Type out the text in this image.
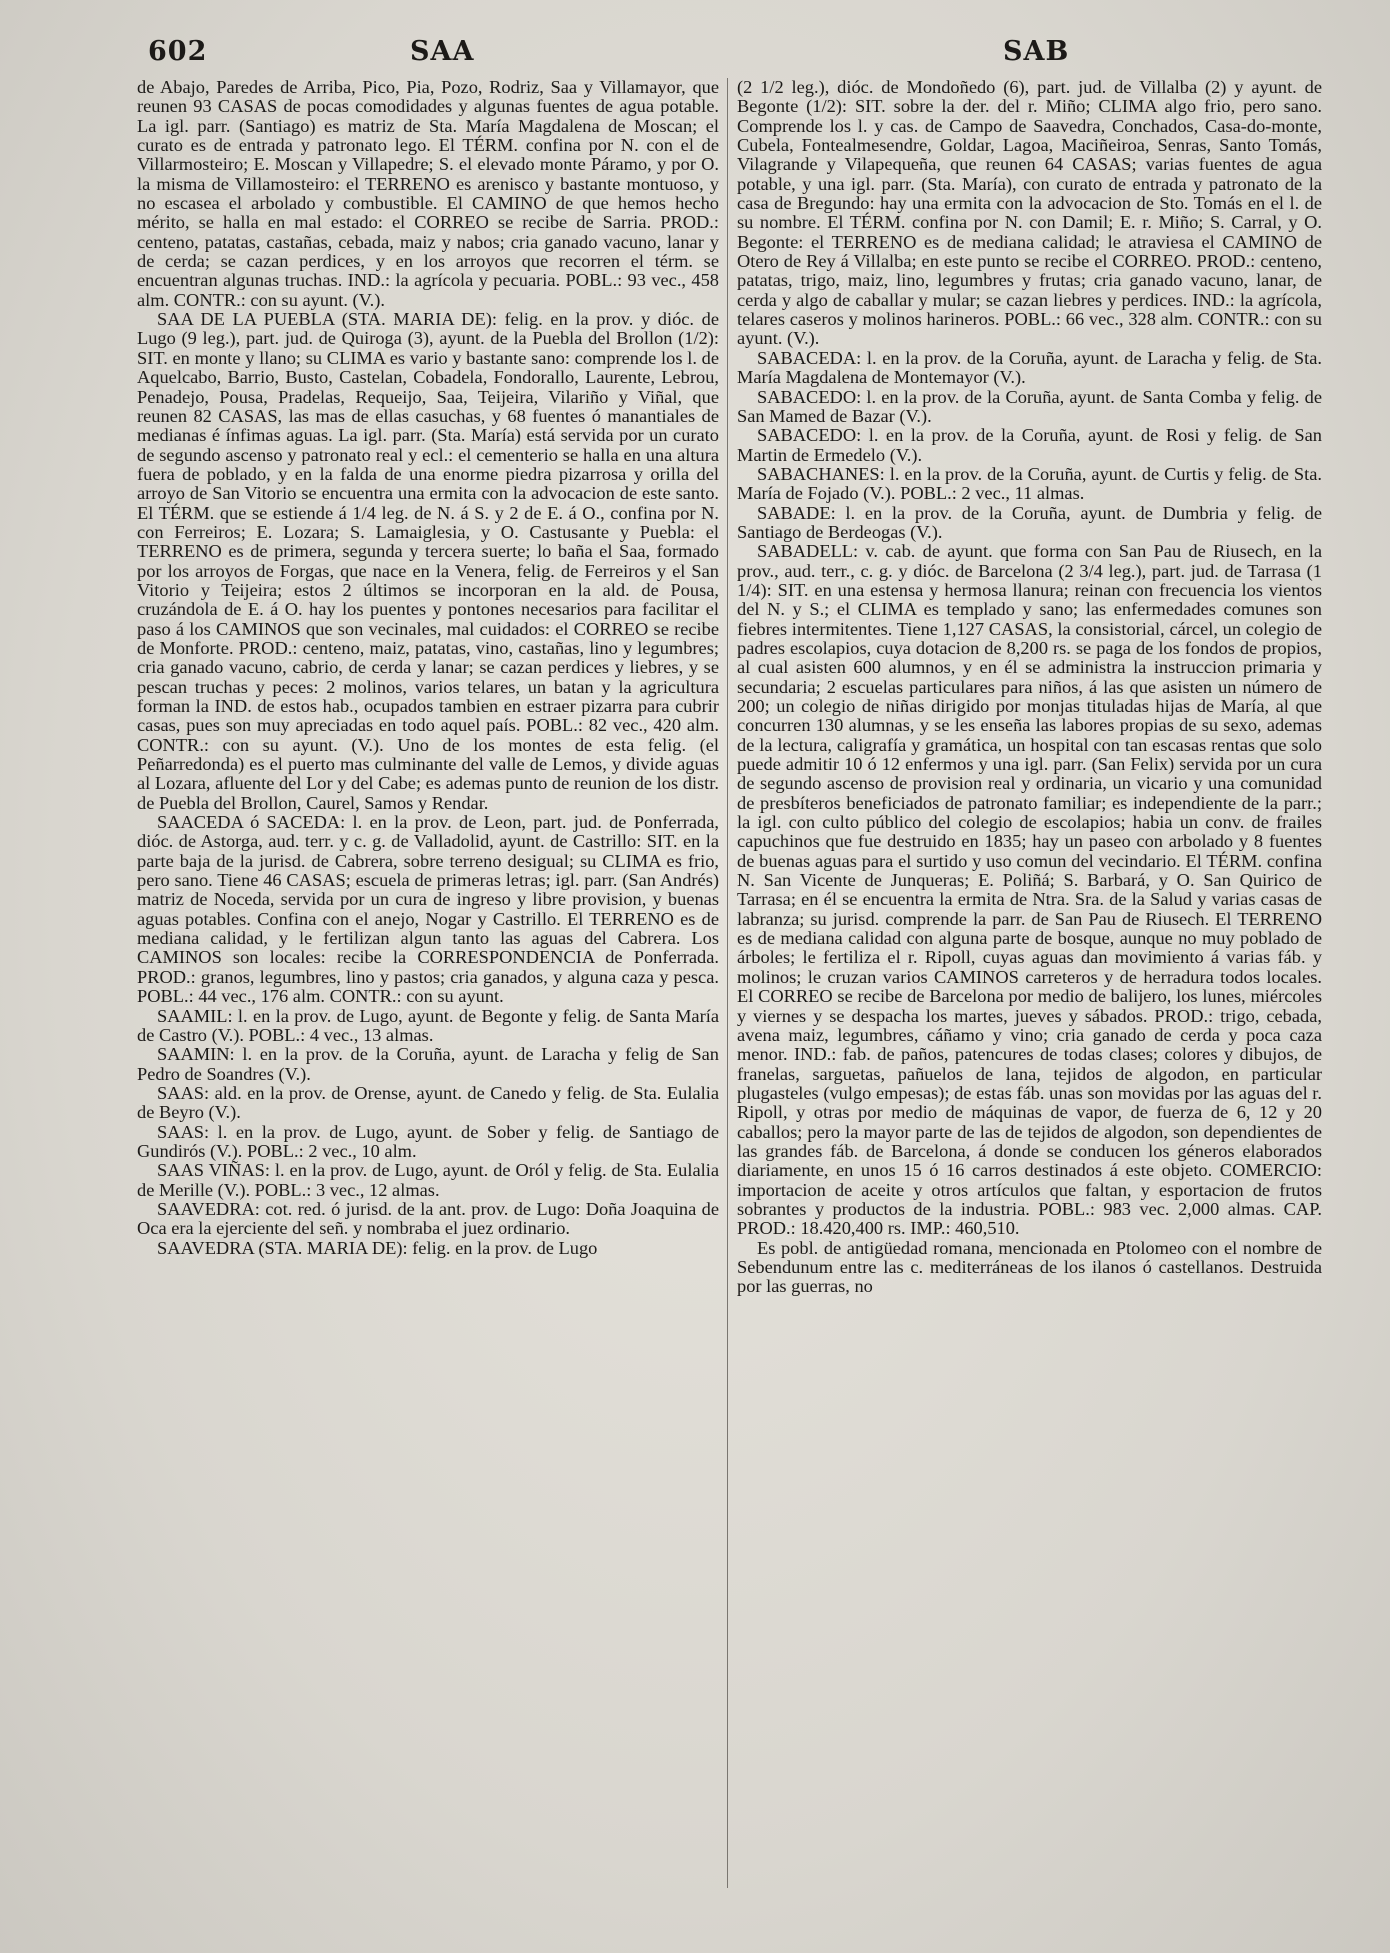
602	SAA	SAB

de Abajo, Paredes de Arriba, Pico, Pia, Pozo, Rodriz, Saa y Villamayor, que reunen 93 CASAS de pocas comodidades y algunas fuentes de agua potable. La igl. parr. (Santiago) es matriz de Sta. María Magdalena de Moscan; el curato es de entrada y patronato lego. El TÉRM. confina por N. con el de Villarmosteiro; E. Moscan y Villapedre; S. el elevado monte Páramo, y por O. la misma de Villamosteiro: el TERRENO es arenisco y bastante montuoso, y no escasea el arbolado y combustible. El CAMINO de que hemos hecho mérito, se halla en mal estado: el CORREO se recibe de Sarria. PROD.: centeno, patatas, castañas, cebada, maiz y nabos; cria ganado vacuno, lanar y de cerda; se cazan perdices, y en los arroyos que recorren el térm. se encuentran algunas truchas. IND.: la agrícola y pecuaria. POBL.: 93 vec., 458 alm. CONTR.: con su ayunt. (V.).

SAA DE LA PUEBLA (STA. MARIA DE): felig. en la prov. y dióc. de Lugo (9 leg.), part. jud. de Quiroga (3), ayunt. de la Puebla del Brollon (1/2): SIT. en monte y llano; su CLIMA es vario y bastante sano: comprende los l. de Aquelcabo, Barrio, Busto, Castelan, Cobadela, Fondorallo, Laurente, Lebrou, Penadejo, Pousa, Pradelas, Requeijo, Saa, Teijeira, Vilariño y Viñal, que reunen 82 CASAS, las mas de ellas casuchas, y 68 fuentes ó manantiales de medianas é ínfimas aguas. La igl. parr. (Sta. María) está servida por un curato de segundo ascenso y patronato real y ecl.: el cementerio se halla en una altura fuera de poblado, y en la falda de una enorme piedra pizarrosa y orilla del arroyo de San Vitorio se encuentra una ermita con la advocacion de este santo. El TÉRM. que se estiende á 1/4 leg. de N. á S. y 2 de E. á O., confina por N. con Ferreiros; E. Lozara; S. Lamaiglesia, y O. Castusante y Puebla: el TERRENO es de primera, segunda y tercera suerte; lo baña el Saa, formado por los arroyos de Forgas, que nace en la Venera, felig. de Ferreiros y el San Vitorio y Teijeira; estos 2 últimos se incorporan en la ald. de Pousa, cruzándola de E. á O. hay los puentes y pontones necesarios para facilitar el paso á los CAMINOS que son vecinales, mal cuidados: el CORREO se recibe de Monforte. PROD.: centeno, maiz, patatas, vino, castañas, lino y legumbres; cria ganado vacuno, cabrio, de cerda y lanar; se cazan perdices y liebres, y se pescan truchas y peces: 2 molinos, varios telares, un batan y la agricultura forman la IND. de estos hab., ocupados tambien en estraer pizarra para cubrir casas, pues son muy apreciadas en todo aquel país. POBL.: 82 vec., 420 alm. CONTR.: con su ayunt. (V.). Uno de los montes de esta felig. (el Peñarredonda) es el puerto mas culminante del valle de Lemos, y divide aguas al Lozara, afluente del Lor y del Cabe; es ademas punto de reunion de los distr. de Puebla del Brollon, Caurel, Samos y Rendar.

SAACEDA ó SACEDA: l. en la prov. de Leon, part. jud. de Ponferrada, dióc. de Astorga, aud. terr. y c. g. de Valladolid, ayunt. de Castrillo: SIT. en la parte baja de la jurisd. de Cabrera, sobre terreno desigual; su CLIMA es frio, pero sano. Tiene 46 CASAS; escuela de primeras letras; igl. parr. (San Andrés) matriz de Noceda, servida por un cura de ingreso y libre provision, y buenas aguas potables. Confina con el anejo, Nogar y Castrillo. El TERRENO es de mediana calidad, y le fertilizan algun tanto las aguas del Cabrera. Los CAMINOS son locales: recibe la CORRESPONDENCIA de Ponferrada. PROD.: granos, legumbres, lino y pastos; cria ganados, y alguna caza y pesca. POBL.: 44 vec., 176 alm. CONTR.: con su ayunt.

SAAMIL: l. en la prov. de Lugo, ayunt. de Begonte y felig. de Santa María de Castro (V.). POBL.: 4 vec., 13 almas.

SAAMIN: l. en la prov. de la Coruña, ayunt. de Laracha y felig de San Pedro de Soandres (V.).

SAAS: ald. en la prov. de Orense, ayunt. de Canedo y felig. de Sta. Eulalia de Beyro (V.).

SAAS: l. en la prov. de Lugo, ayunt. de Sober y felig. de Santiago de Gundirós (V.). POBL.: 2 vec., 10 alm.

SAAS VIÑAS: l. en la prov. de Lugo, ayunt. de Oról y felig. de Sta. Eulalia de Merille (V.). POBL.: 3 vec., 12 almas.

SAAVEDRA: cot. red. ó jurisd. de la ant. prov. de Lugo: Doña Joaquina de Oca era la ejerciente del señ. y nombraba el juez ordinario.

SAAVEDRA (STA. MARIA DE): felig. en la prov. de Lugo

(2 1/2 leg.), dióc. de Mondoñedo (6), part. jud. de Villalba (2) y ayunt. de Begonte (1/2): SIT. sobre la der. del r. Miño; CLIMA algo frio, pero sano. Comprende los l. y cas. de Campo de Saavedra, Conchados, Casa-do-monte, Cubela, Fontealmesendre, Goldar, Lagoa, Maciñeiroa, Senras, Santo Tomás, Vilagrande y Vilapequeña, que reunen 64 CASAS; varias fuentes de agua potable, y una igl. parr. (Sta. María), con curato de entrada y patronato de la casa de Bregundo: hay una ermita con la advocacion de Sto. Tomás en el l. de su nombre. El TÉRM. confina por N. con Damil; E. r. Miño; S. Carral, y O. Begonte: el TERRENO es de mediana calidad; le atraviesa el CAMINO de Otero de Rey á Villalba; en este punto se recibe el CORREO. PROD.: centeno, patatas, trigo, maiz, lino, legumbres y frutas; cria ganado vacuno, lanar, de cerda y algo de caballar y mular; se cazan liebres y perdices. IND.: la agrícola, telares caseros y molinos harineros. POBL.: 66 vec., 328 alm. CONTR.: con su ayunt. (V.).

SABACEDA: l. en la prov. de la Coruña, ayunt. de Laracha y felig. de Sta. María Magdalena de Montemayor (V.).

SABACEDO: l. en la prov. de la Coruña, ayunt. de Santa Comba y felig. de San Mamed de Bazar (V.).

SABACEDO: l. en la prov. de la Coruña, ayunt. de Rosi y felig. de San Martin de Ermedelo (V.).

SABACHANES: l. en la prov. de la Coruña, ayunt. de Curtis y felig. de Sta. María de Fojado (V.). POBL.: 2 vec., 11 almas.

SABADE: l. en la prov. de la Coruña, ayunt. de Dumbria y felig. de Santiago de Berdeogas (V.).

SABADELL: v. cab. de ayunt. que forma con San Pau de Riusech, en la prov., aud. terr., c. g. y dióc. de Barcelona (2 3/4 leg.), part. jud. de Tarrasa (1 1/4): SIT. en una estensa y hermosa llanura; reinan con frecuencia los vientos del N. y S.; el CLIMA es templado y sano; las enfermedades comunes son fiebres intermitentes. Tiene 1,127 CASAS, la consistorial, cárcel, un colegio de padres escolapios, cuya dotacion de 8,200 rs. se paga de los fondos de propios, al cual asisten 600 alumnos, y en él se administra la instruccion primaria y secundaria; 2 escuelas particulares para niños, á las que asisten un número de 200; un colegio de niñas dirigido por monjas tituladas hijas de María, al que concurren 130 alumnas, y se les enseña las labores propias de su sexo, ademas de la lectura, caligrafía y gramática, un hospital con tan escasas rentas que solo puede admitir 10 ó 12 enfermos y una igl. parr. (San Felix) servida por un cura de segundo ascenso de provision real y ordinaria, un vicario y una comunidad de presbíteros beneficiados de patronato familiar; es independiente de la parr.; la igl. con culto público del colegio de escolapios; habia un conv. de frailes capuchinos que fue destruido en 1835; hay un paseo con arbolado y 8 fuentes de buenas aguas para el surtido y uso comun del vecindario. El TÉRM. confina N. San Vicente de Junqueras; E. Poliñá; S. Barbará, y O. San Quirico de Tarrasa; en él se encuentra la ermita de Ntra. Sra. de la Salud y varias casas de labranza; su jurisd. comprende la parr. de San Pau de Riusech. El TERRENO es de mediana calidad con alguna parte de bosque, aunque no muy poblado de árboles; le fertiliza el r. Ripoll, cuyas aguas dan movimiento á varias fáb. y molinos; le cruzan varios CAMINOS carreteros y de herradura todos locales. El CORREO se recibe de Barcelona por medio de balijero, los lunes, miércoles y viernes y se despacha los martes, jueves y sábados. PROD.: trigo, cebada, avena maiz, legumbres, cáñamo y vino; cria ganado de cerda y poca caza menor. IND.: fab. de paños, patencures de todas clases; colores y dibujos, de franelas, sarguetas, pañuelos de lana, tejidos de algodon, en particular plugasteles (vulgo empesas); de estas fáb. unas son movidas por las aguas del r. Ripoll, y otras por medio de máquinas de vapor, de fuerza de 6, 12 y 20 caballos; pero la mayor parte de las de tejidos de algodon, son dependientes de las grandes fáb. de Barcelona, á donde se conducen los géneros elaborados diariamente, en unos 15 ó 16 carros destinados á este objeto. COMERCIO: importacion de aceite y otros artículos que faltan, y esportacion de frutos sobrantes y productos de la industria. POBL.: 983 vec. 2,000 almas. CAP. PROD.: 18.420,400 rs. IMP.: 460,510.

Es pobl. de antigüedad romana, mencionada en Ptolomeo con el nombre de Sebendunum entre las c. mediterráneas de los ilanos ó castellanos. Destruida por las guerras, no
